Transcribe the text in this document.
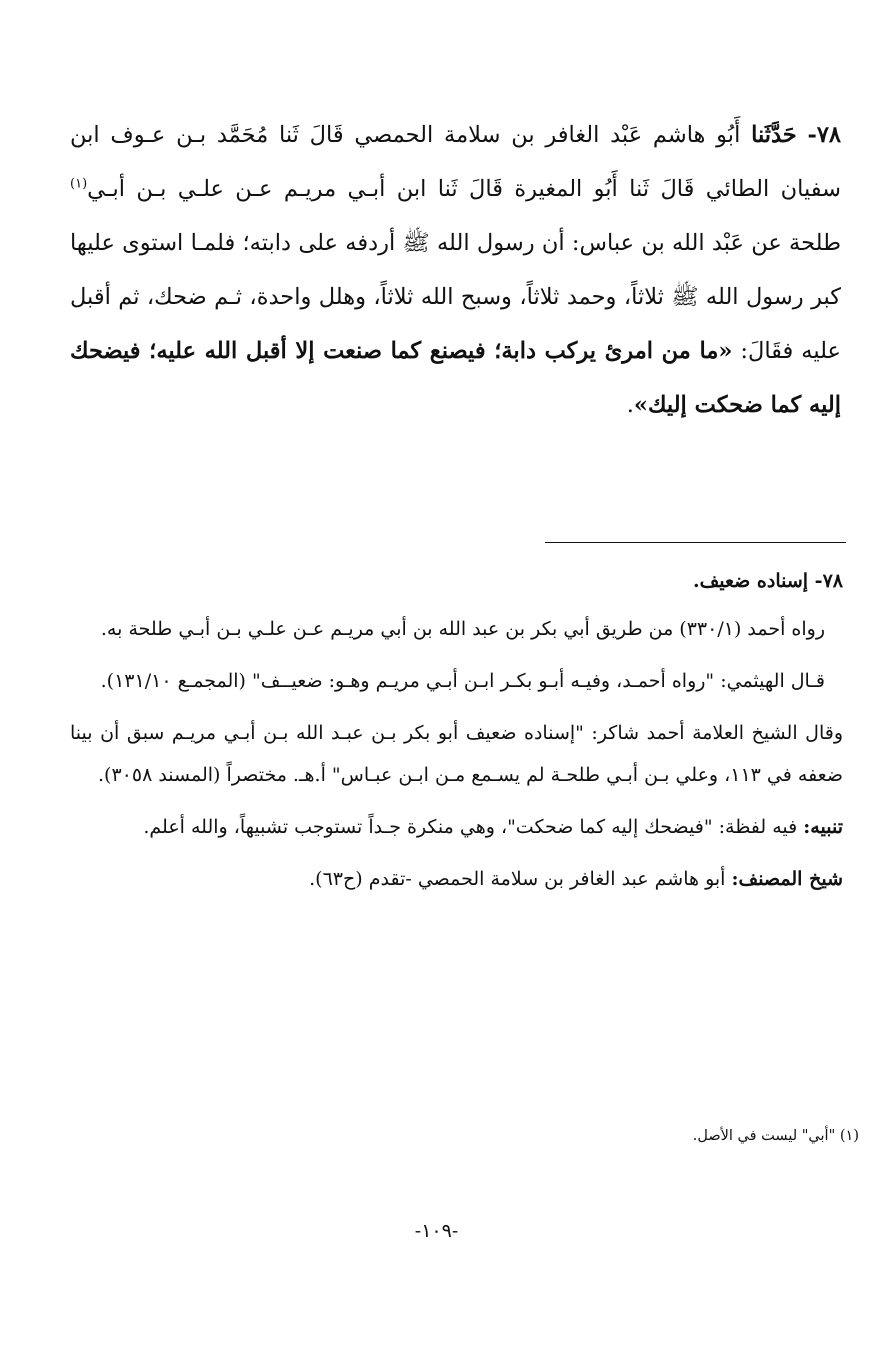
٧٨- حَدَّثَنا أَبُو هاشم عَبْد الغافر بن سلامة الحمصي قَالَ ثَنا مُحَمَّد بـن عـوف ابن سفيان الطائي قَالَ ثَنا أَبُو المغيرة قَالَ ثَنا ابن أبـي مريـم عـن علـي بـن أبـي$^{(١)}$ طلحة عن عَبْد الله بن عباس: أن رسول الله ﷺ أردفه على دابته؛ فلمـا استوى عليها كبر رسول الله ﷺ ثلاثاً، وحمد ثلاثاً، وسبح الله ثلاثاً، وهلل واحدة، ثـم ضحك، ثم أقبل عليه فقَالَ: «ما من امرئ يركب دابة؛ فيصنع كما صنعت إلا أقبل الله عليه؛ فيضحك إليه كما ضحكت إليك».

٧٨- إسناده ضعيف.

رواه أحمد (٣٣٠/١) من طريق أبي بكر بن عبد الله بن أبي مريـم عـن علـي بـن أبـي طلحة به.

قـال الهيثمي: "رواه أحمـد، وفيـه أبـو بكـر ابـن أبـي مريـم وهـو: ضعيــف" (المجمـع ١٣١/١٠).

وقال الشيخ العلامة أحمد شاكر: "إسناده ضعيف أبو بكر بـن عبـد الله بـن أبـي مريـم سبق أن بينا ضعفه في ١١٣، وعلي بـن أبـي طلحـة لم يسـمع مـن ابـن عبـاس" أ.هـ. مختصراً (المسند ٣٠٥٨).

تنبيه: فيه لفظة: "فيضحك إليه كما ضحكت"، وهي منكرة جـداً تستوجب تشبيهاً، والله أعلم.

شيخ المصنف: أبو هاشم عبد الغافر بن سلامة الحمصي -تقدم (ح٦٣).

(١) "أبي" ليست في الأصل.
-١٠٩-
